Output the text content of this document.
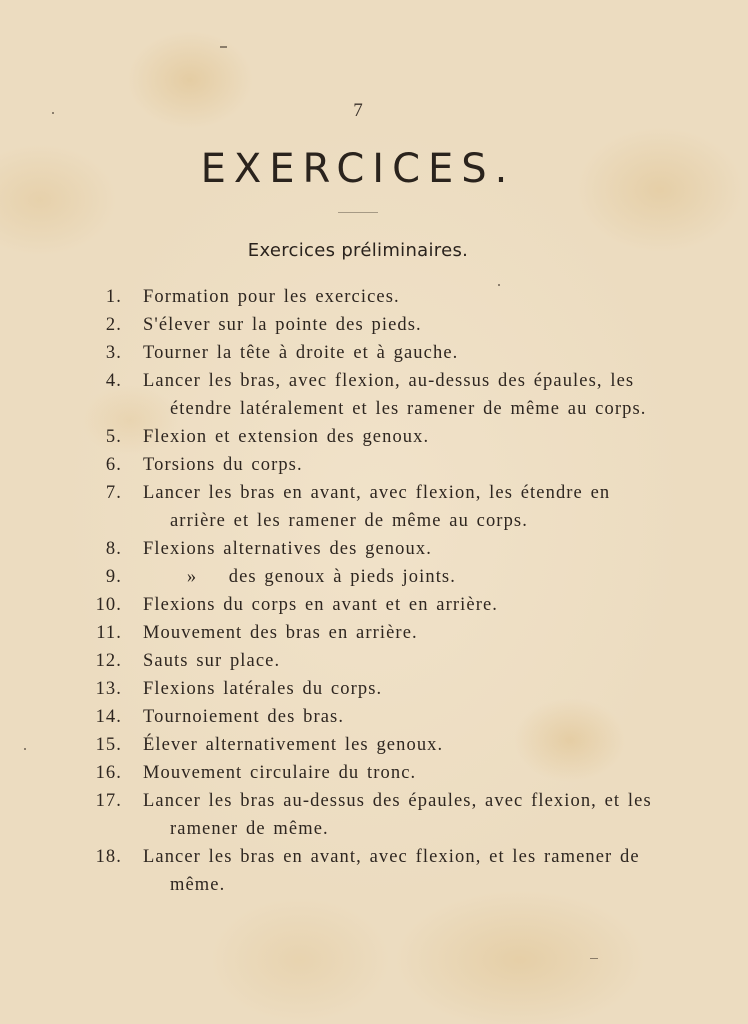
7
EXERCICES.
Exercices préliminaires.
1. Formation pour les exercices.
2. S'élever sur la pointe des pieds.
3. Tourner la tête à droite et à gauche.
4. Lancer les bras, avec flexion, au-dessus des épaules, les étendre latéralement et les ramener de même au corps.
5. Flexion et extension des genoux.
6. Torsions du corps.
7. Lancer les bras en avant, avec flexion, les étendre en arrière et les ramener de même au corps.
8. Flexions alternatives des genoux.
9.	» des genoux à pieds joints.
10. Flexions du corps en avant et en arrière.
11. Mouvement des bras en arrière.
12. Sauts sur place.
13. Flexions latérales du corps.
14. Tournoiement des bras.
15. Élever alternativement les genoux.
16. Mouvement circulaire du tronc.
17. Lancer les bras au-dessus des épaules, avec flexion, et les ramener de même.
18. Lancer les bras en avant, avec flexion, et les ramener de même.
